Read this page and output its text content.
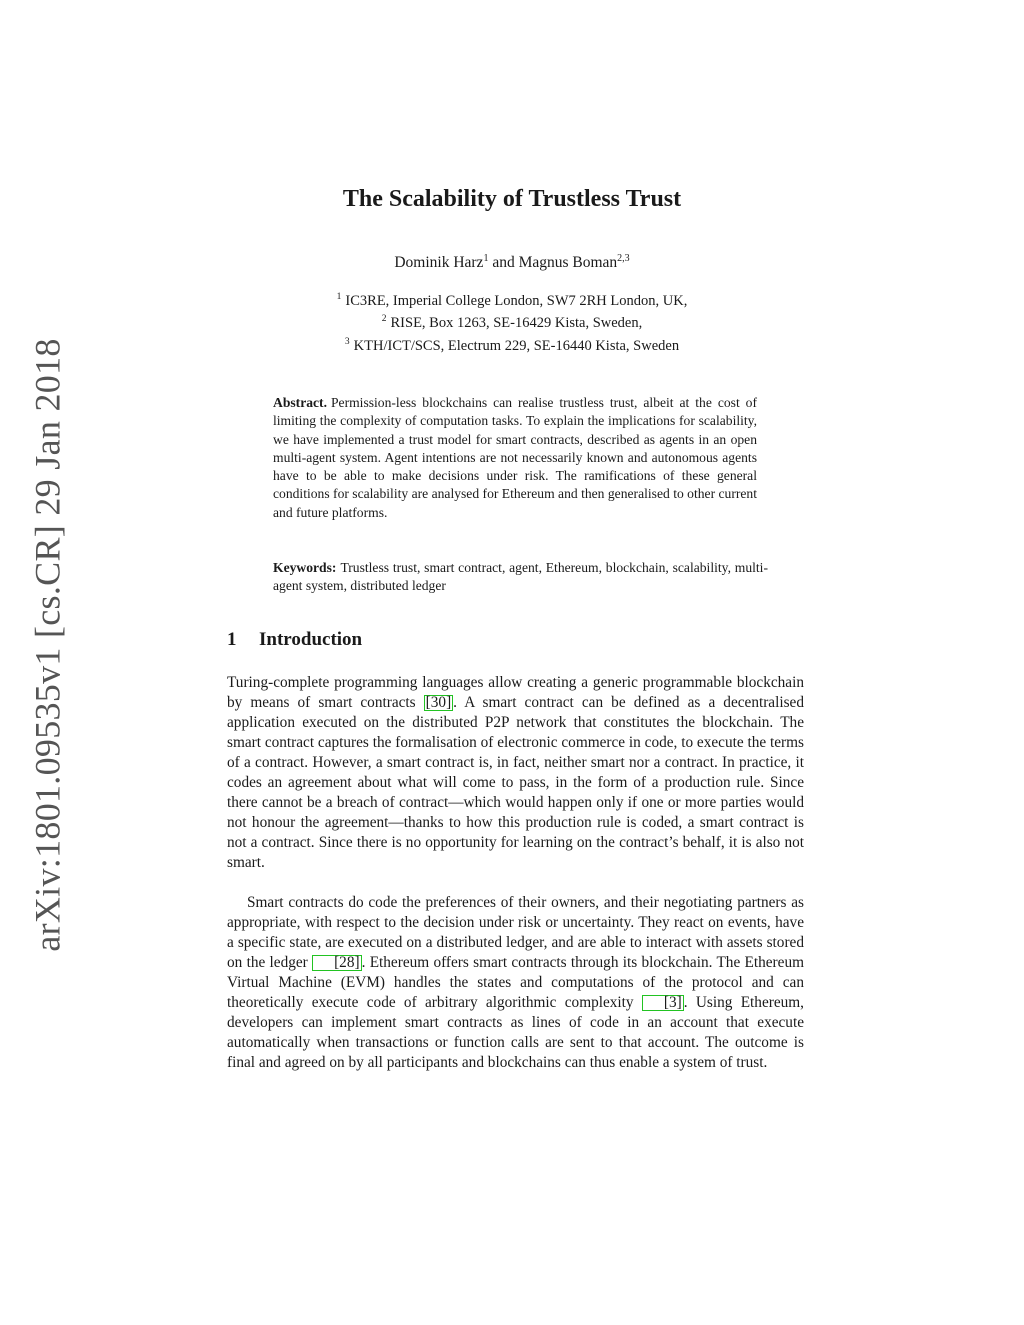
arXiv:1801.09535v1 [cs.CR] 29 Jan 2018
The Scalability of Trustless Trust
Dominik Harz$^1$ and Magnus Boman$^{2,3}$
$^1$ IC3RE, Imperial College London, SW7 2RH London, UK,
$^2$ RISE, Box 1263, SE-16429 Kista, Sweden,
$^3$ KTH/ICT/SCS, Electrum 229, SE-16440 Kista, Sweden

Abstract. Permission-less blockchains can realise trustless trust, albeit at the cost of limiting the complexity of computation tasks. To explain the implications for scalability, we have implemented a trust model for smart contracts, described as agents in an open multi-agent system. Agent intentions are not necessarily known and autonomous agents have to be able to make decisions under risk. The ramifications of these general conditions for scalability are analysed for Ethereum and then generalised to other current and future platforms.

Keywords: Trustless trust, smart contract, agent, Ethereum, blockchain, scalability, multi-agent system, distributed ledger

1 Introduction

Turing-complete programming languages allow creating a generic programmable blockchain by means of smart contracts [30] . A smart contract can be defined as a decentralised application executed on the distributed P2P network that constitutes the blockchain. The smart contract captures the formalisation of electronic commerce in code, to execute the terms of a contract. However, a smart contract is, in fact, neither smart nor a contract. In practice, it codes an agreement about what will come to pass, in the form of a production rule. Since there cannot be a breach of contract—which would happen only if one or more parties would not honour the agreement—thanks to how this production rule is coded, a smart contract is not a contract. Since there is no opportunity for learning on the contract’s behalf, it is also not smart.

Smart contracts do code the preferences of their owners, and their negotiating partners as appropriate, with respect to the decision under risk or uncertainty. They react on events, have a specific state, are executed on a distributed ledger, and are able to interact with assets stored on the ledger [28] . Ethereum offers smart contracts through its blockchain. The Ethereum Virtual Machine (EVM) handles the states and computations of the protocol and can theoretically execute code of arbitrary algorithmic complexity [3] . Using Ethereum, developers can implement smart contracts as lines of code in an account that execute automatically when transactions or function calls are sent to that account. The outcome is final and agreed on by all participants and blockchains can thus enable a system of trust.
